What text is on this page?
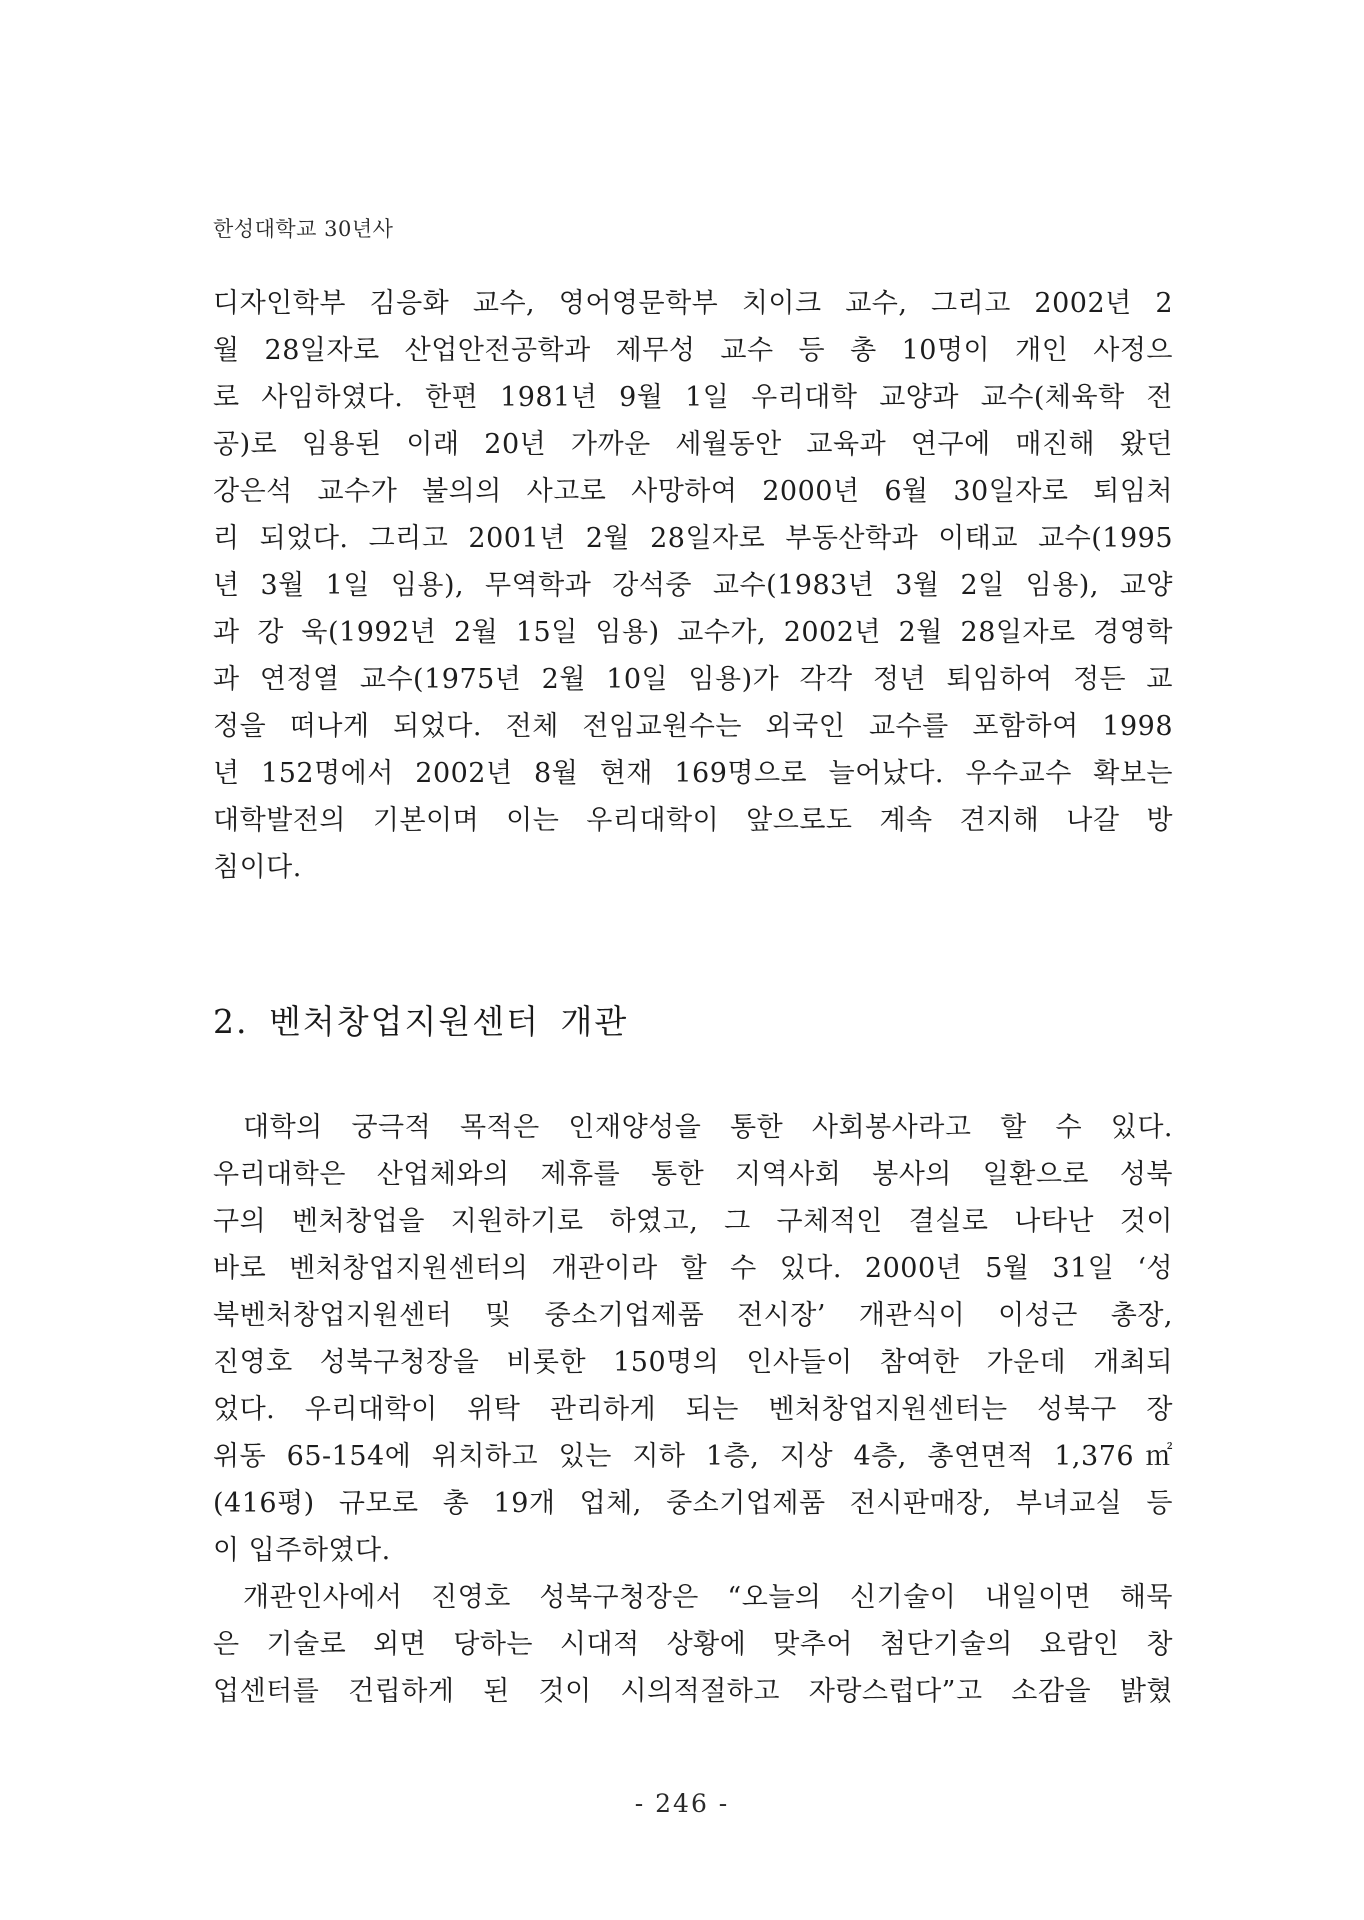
한성대학교 30년사
디자인학부 김응화 교수, 영어영문학부 치이크 교수, 그리고 2002년 2
월 28일자로 산업안전공학과 제무성 교수 등 총 10명이 개인 사정으
로 사임하였다. 한편 1981년 9월 1일 우리대학 교양과 교수(체육학 전
공)로 임용된 이래 20년 가까운 세월동안 교육과 연구에 매진해 왔던
강은석 교수가 불의의 사고로 사망하여 2000년 6월 30일자로 퇴임처
리 되었다. 그리고 2001년 2월 28일자로 부동산학과 이태교 교수(1995
년 3월 1일 임용), 무역학과 강석중 교수(1983년 3월 2일 임용), 교양
과 강 욱(1992년 2월 15일 임용) 교수가, 2002년 2월 28일자로 경영학
과 연정열 교수(1975년 2월 10일 임용)가 각각 정년 퇴임하여 정든 교
정을 떠나게 되었다. 전체 전임교원수는 외국인 교수를 포함하여 1998
년 152명에서 2002년 8월 현재 169명으로 늘어났다. 우수교수 확보는
대학발전의 기본이며 이는 우리대학이 앞으로도 계속 견지해 나갈 방
침이다.
2. 벤처창업지원센터 개관
대학의 궁극적 목적은 인재양성을 통한 사회봉사라고 할 수 있다.
우리대학은 산업체와의 제휴를 통한 지역사회 봉사의 일환으로 성북
구의 벤처창업을 지원하기로 하였고, 그 구체적인 결실로 나타난 것이
바로 벤처창업지원센터의 개관이라 할 수 있다. 2000년 5월 31일 ‘성
북벤처창업지원센터 및 중소기업제품 전시장’ 개관식이 이성근 총장,
진영호 성북구청장을 비롯한 150명의 인사들이 참여한 가운데 개최되
었다. 우리대학이 위탁 관리하게 되는 벤처창업지원센터는 성북구 장
위동 65-154에 위치하고 있는 지하 1층, 지상 4층, 총연면적 1,376㎡
(416평) 규모로 총 19개 업체, 중소기업제품 전시판매장, 부녀교실 등
이 입주하였다.
개관인사에서 진영호 성북구청장은 “오늘의 신기술이 내일이면 해묵
은 기술로 외면 당하는 시대적 상황에 맞추어 첨단기술의 요람인 창
업센터를 건립하게 된 것이 시의적절하고 자랑스럽다”고 소감을 밝혔
- 246 -
